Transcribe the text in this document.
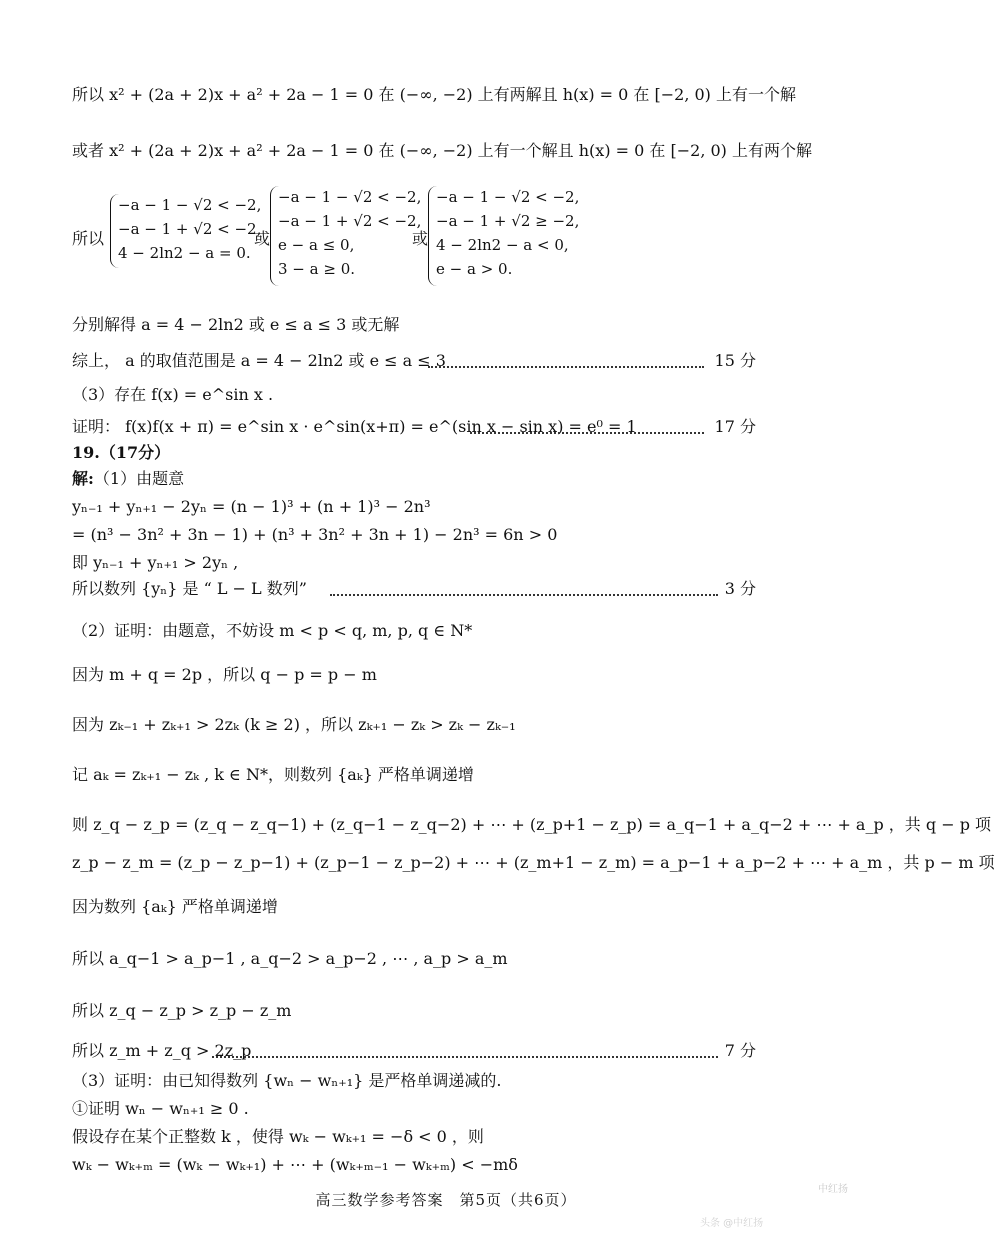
所以 x² + (2a + 2)x + a² + 2a − 1 = 0 在 (−∞, −2) 上有两解且 h(x) = 0 在 [−2, 0) 上有一个解
或者 x² + (2a + 2)x + a² + 2a − 1 = 0 在 (−∞, −2) 上有一个解且 h(x) = 0 在 [−2, 0) 上有两个解
所以
−a − 1 − √2 < −2,
−a − 1 + √2 < −2,
4 − 2ln2 − a = 0.
或
−a − 1 − √2 < −2,
−a − 1 + √2 < −2,
e − a ≤ 0,
3 − a ≥ 0.
或
−a − 1 − √2 < −2,
−a − 1 + √2 ≥ −2,
4 − 2ln2 − a < 0,
e − a > 0.
分别解得 a = 4 − 2ln2 或 e ≤ a ≤ 3 或无解
综上， a 的取值范围是 a = 4 − 2ln2 或 e ≤ a ≤ 3	15 分
（3）存在 f(x) = e^sin x .
证明： f(x)f(x + π) = e^sin x · e^sin(x+π) = e^(sin x − sin x) = e⁰ = 1	17 分
19.（17分）
解:（1）由题意
yₙ₋₁ + yₙ₊₁ − 2yₙ = (n − 1)³ + (n + 1)³ − 2n³
= (n³ − 3n² + 3n − 1) + (n³ + 3n² + 3n + 1) − 2n³ = 6n > 0
即 yₙ₋₁ + yₙ₊₁ > 2yₙ ,
所以数列 {yₙ} 是 “ L − L 数列”	3 分
（2）证明：由题意，不妨设 m < p < q, m, p, q ∈ N*
因为 m + q = 2p ，所以 q − p = p − m
因为 zₖ₋₁ + zₖ₊₁ > 2zₖ (k ≥ 2) ，所以 zₖ₊₁ − zₖ > zₖ − zₖ₋₁
记 aₖ = zₖ₊₁ − zₖ , k ∈ N*，则数列 {aₖ} 严格单调递增
则 z_q − z_p = (z_q − z_q−1) + (z_q−1 − z_q−2) + ⋯ + (z_p+1 − z_p) = a_q−1 + a_q−2 + ⋯ + a_p ，共 q − p 项
z_p − z_m = (z_p − z_p−1) + (z_p−1 − z_p−2) + ⋯ + (z_m+1 − z_m) = a_p−1 + a_p−2 + ⋯ + a_m ，共 p − m 项
因为数列 {aₖ} 严格单调递增
所以 a_q−1 > a_p−1 , a_q−2 > a_p−2 , ⋯ , a_p > a_m
所以 z_q − z_p > z_p − z_m
所以 z_m + z_q > 2z_p	7 分
（3）证明：由已知得数列 {wₙ − wₙ₊₁} 是严格单调递减的.
①证明 wₙ − wₙ₊₁ ≥ 0 .
假设存在某个正整数 k ，使得 wₖ − wₖ₊₁ = −δ < 0 ，则
wₖ − wₖ₊ₘ = (wₖ − wₖ₊₁) + ⋯ + (wₖ₊ₘ₋₁ − wₖ₊ₘ) < −mδ
高三数学参考答案　第5页（共6页）
中红扬
头条 @中红扬
